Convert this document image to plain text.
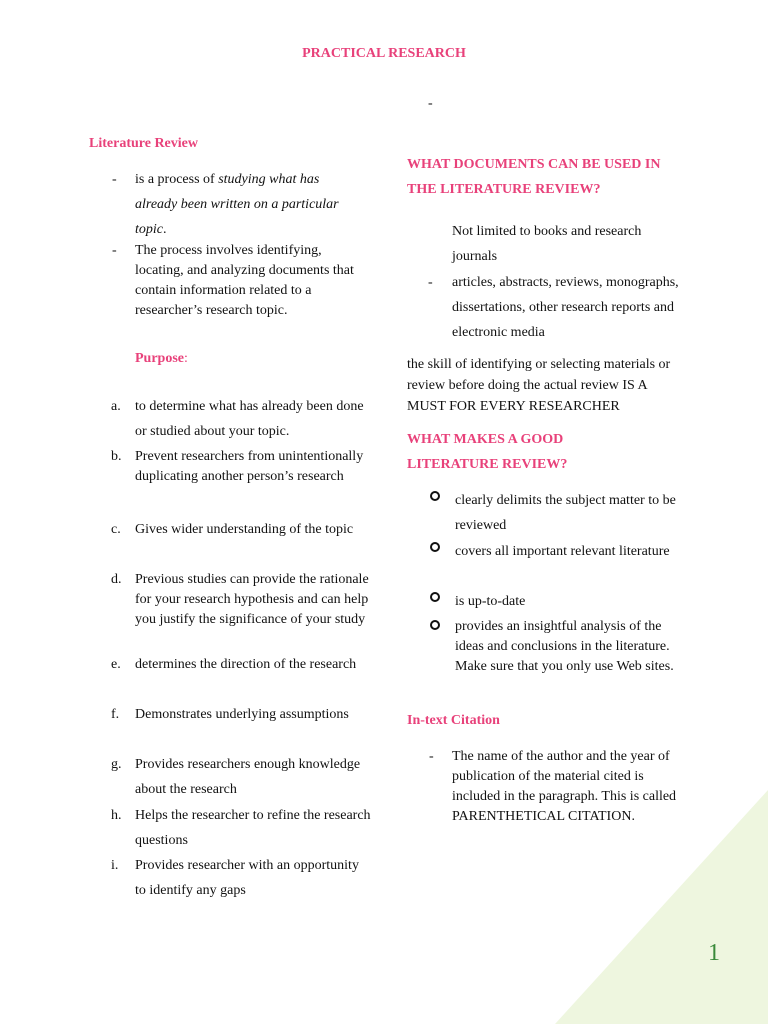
PRACTICAL RESEARCH
-
Literature Review
- is a process of studying what has already been written on a particular topic.
- The process involves identifying, locating, and analyzing documents that contain information related to a researcher’s research topic.
Purpose:
a. to determine what has already been done or studied about your topic.
b. Prevent researchers from unintentionally duplicating another person’s research
c. Gives wider understanding of the topic
d. Previous studies can provide the rationale for your research hypothesis and can help you justify the significance of your study
e. determines the direction of the research
f. Demonstrates underlying assumptions
g. Provides researchers enough knowledge about the research
h. Helps the researcher to refine the research questions
i. Provides researcher with an opportunity to identify any gaps
WHAT DOCUMENTS CAN BE USED IN THE LITERATURE REVIEW?
Not limited to books and research journals
- articles, abstracts, reviews, monographs, dissertations, other research reports and electronic media
the skill of identifying or selecting materials or review before doing the actual review IS A MUST FOR EVERY RESEARCHER
WHAT MAKES A GOOD LITERATURE REVIEW?
clearly delimits the subject matter to be reviewed
covers all important relevant literature
is up-to-date
provides an insightful analysis of the ideas and conclusions in the literature. Make sure that you only use Web sites.
In-text Citation
- The name of the author and the year of publication of the material cited is included in the paragraph. This is called PARENTHETICAL CITATION.
1
